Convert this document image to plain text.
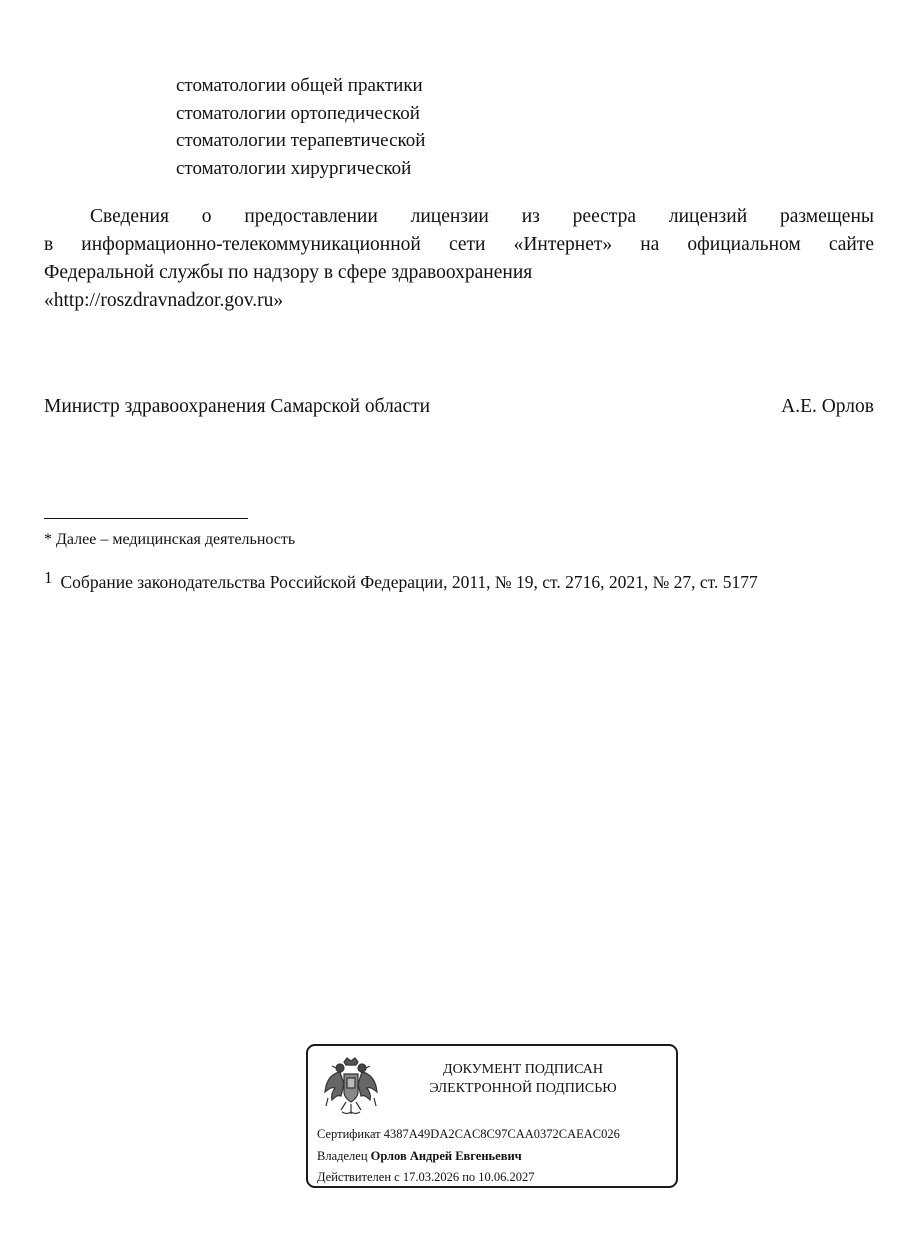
стоматологии общей практики
стоматологии ортопедической
стоматологии терапевтической
стоматологии хирургической
Сведения о предоставлении лицензии из реестра лицензий размещены
в информационно-телекоммуникационной сети «Интернет» на официальном сайте
Федеральной службы по надзору в сфере здравоохранения
«http://roszdravnadzor.gov.ru»
Министр здравоохранения Самарской области	А.Е. Орлов
* Далее – медицинская деятельность
1 Собрание законодательства Российской Федерации, 2011, № 19, ст. 2716, 2021, № 27, ст. 5177
ДОКУМЕНТ ПОДПИСАН
ЭЛЕКТРОННОЙ ПОДПИСЬЮ
Сертификат 4387A49DA2CAC8C97CAA0372CAEAC026
Владелец Орлов Андрей Евгеньевич
Действителен с 17.03.2026 по 10.06.2027
